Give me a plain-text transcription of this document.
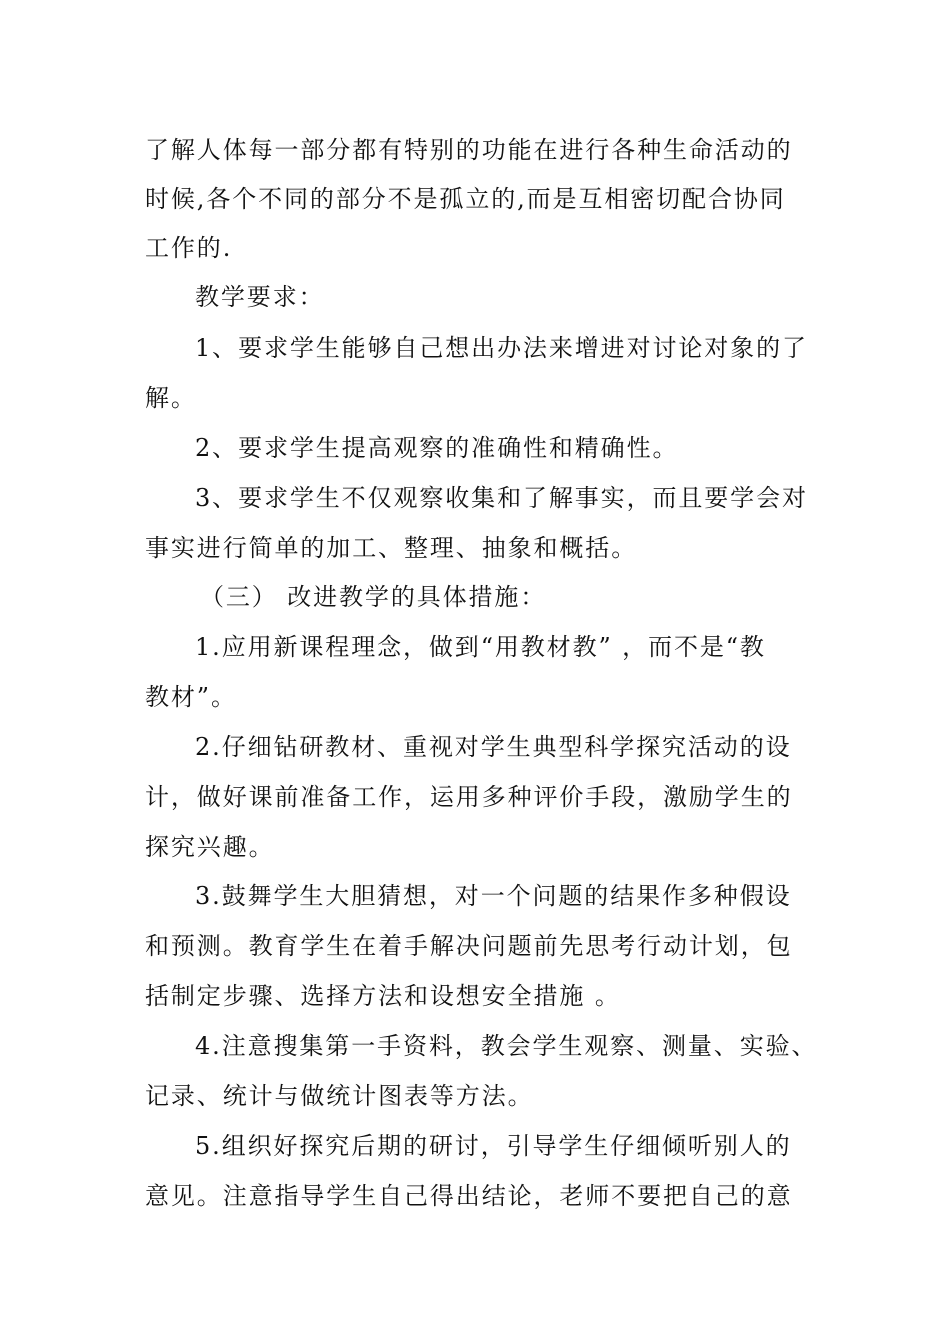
了解人体每一部分都有特别的功能在进行各种生命活动的
时候,各个不同的部分不是孤立的,而是互相密切配合协同
工作的.
教学要求：
1、要求学生能够自己想出办法来增进对讨论对象的了
解。
2、要求学生提高观察的准确性和精确性。
3、要求学生不仅观察收集和了解事实，而且要学会对
事实进行简单的加工、整理、抽象和概括。
（三） 改进教学的具体措施：
1.应用新课程理念，做到“用教材教” ，而不是“教
教材”。
2.仔细钻研教材、重视对学生典型科学探究活动的设
计，做好课前准备工作，运用多种评价手段，激励学生的
探究兴趣。
3.鼓舞学生大胆猜想，对一个问题的结果作多种假设
和预测。教育学生在着手解决问题前先思考行动计划，包
括制定步骤、选择方法和设想安全措施 。
4.注意搜集第一手资料，教会学生观察、测量、实验、
记录、统计与做统计图表等方法。
5.组织好探究后期的研讨，引导学生仔细倾听别人的
意见。注意指导学生自己得出结论，老师不要把自己的意
